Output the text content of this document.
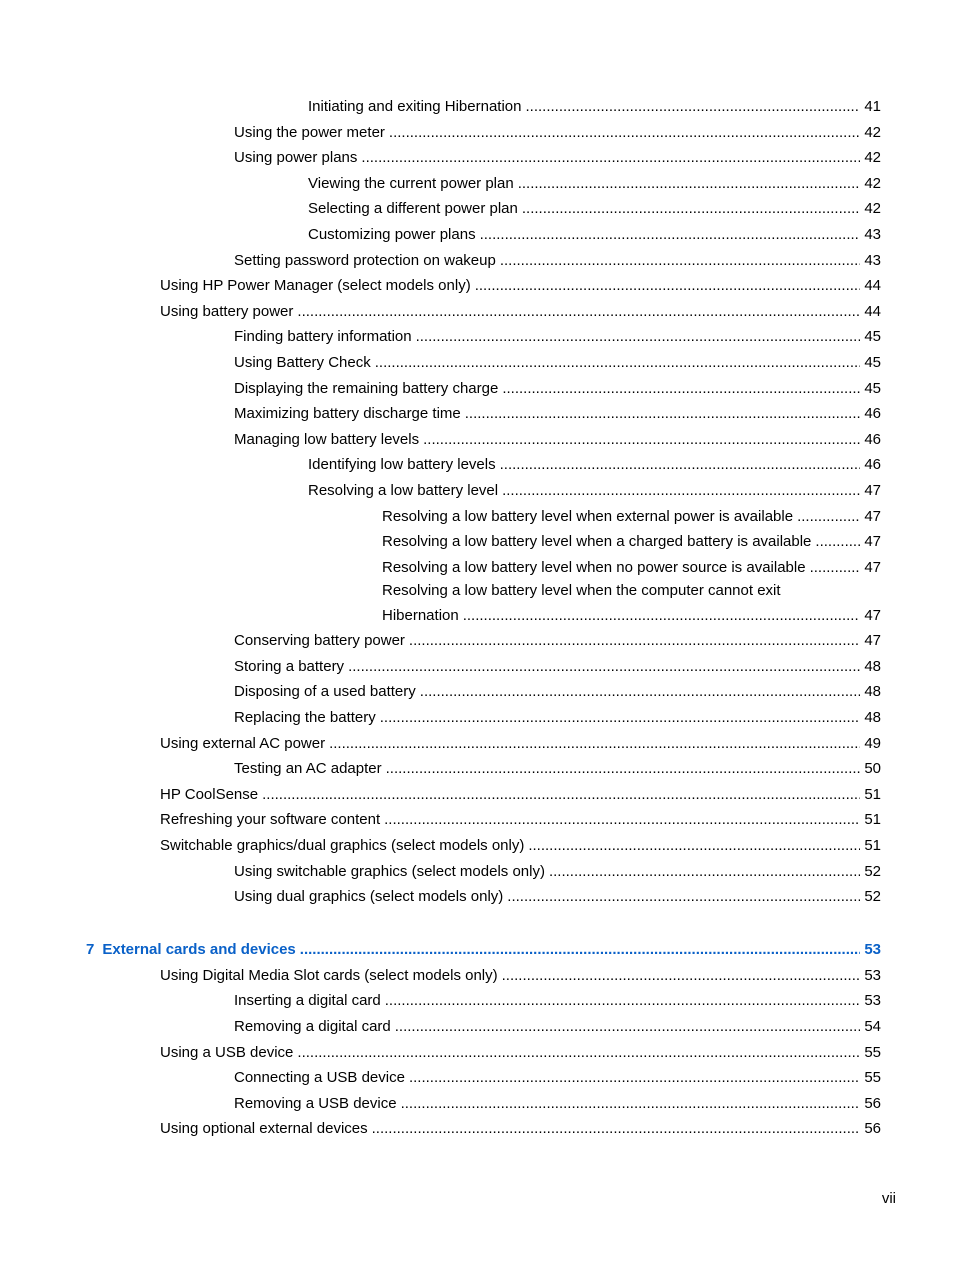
Initiating and exiting Hibernation .....	41
Using the power meter .....	42
Using power plans .....	42
Viewing the current power plan .....	42
Selecting a different power plan .....	42
Customizing power plans .....	43
Setting password protection on wakeup .....	43
Using HP Power Manager (select models only) .....	44
Using battery power .....	44
Finding battery information .....	45
Using Battery Check .....	45
Displaying the remaining battery charge .....	45
Maximizing battery discharge time .....	46
Managing low battery levels .....	46
Identifying low battery levels .....	46
Resolving a low battery level .....	47
Resolving a low battery level when external power is available .....	47
Resolving a low battery level when a charged battery is available .....	47
Resolving a low battery level when no power source is available .....	47
Resolving a low battery level when the computer cannot exit
Hibernation .....	47
Conserving battery power .....	47
Storing a battery .....	48
Disposing of a used battery .....	48
Replacing the battery .....	48
Using external AC power .....	49
Testing an AC adapter .....	50
HP CoolSense .....	51
Refreshing your software content .....	51
Switchable graphics/dual graphics (select models only) .....	51
Using switchable graphics (select models only) .....	52
Using dual graphics (select models only) .....	52
7 External cards and devices .....	53
Using Digital Media Slot cards (select models only) .....	53
Inserting a digital card .....	53
Removing a digital card .....	54
Using a USB device .....	55
Connecting a USB device .....	55
Removing a USB device .....	56
Using optional external devices .....	56
vii
